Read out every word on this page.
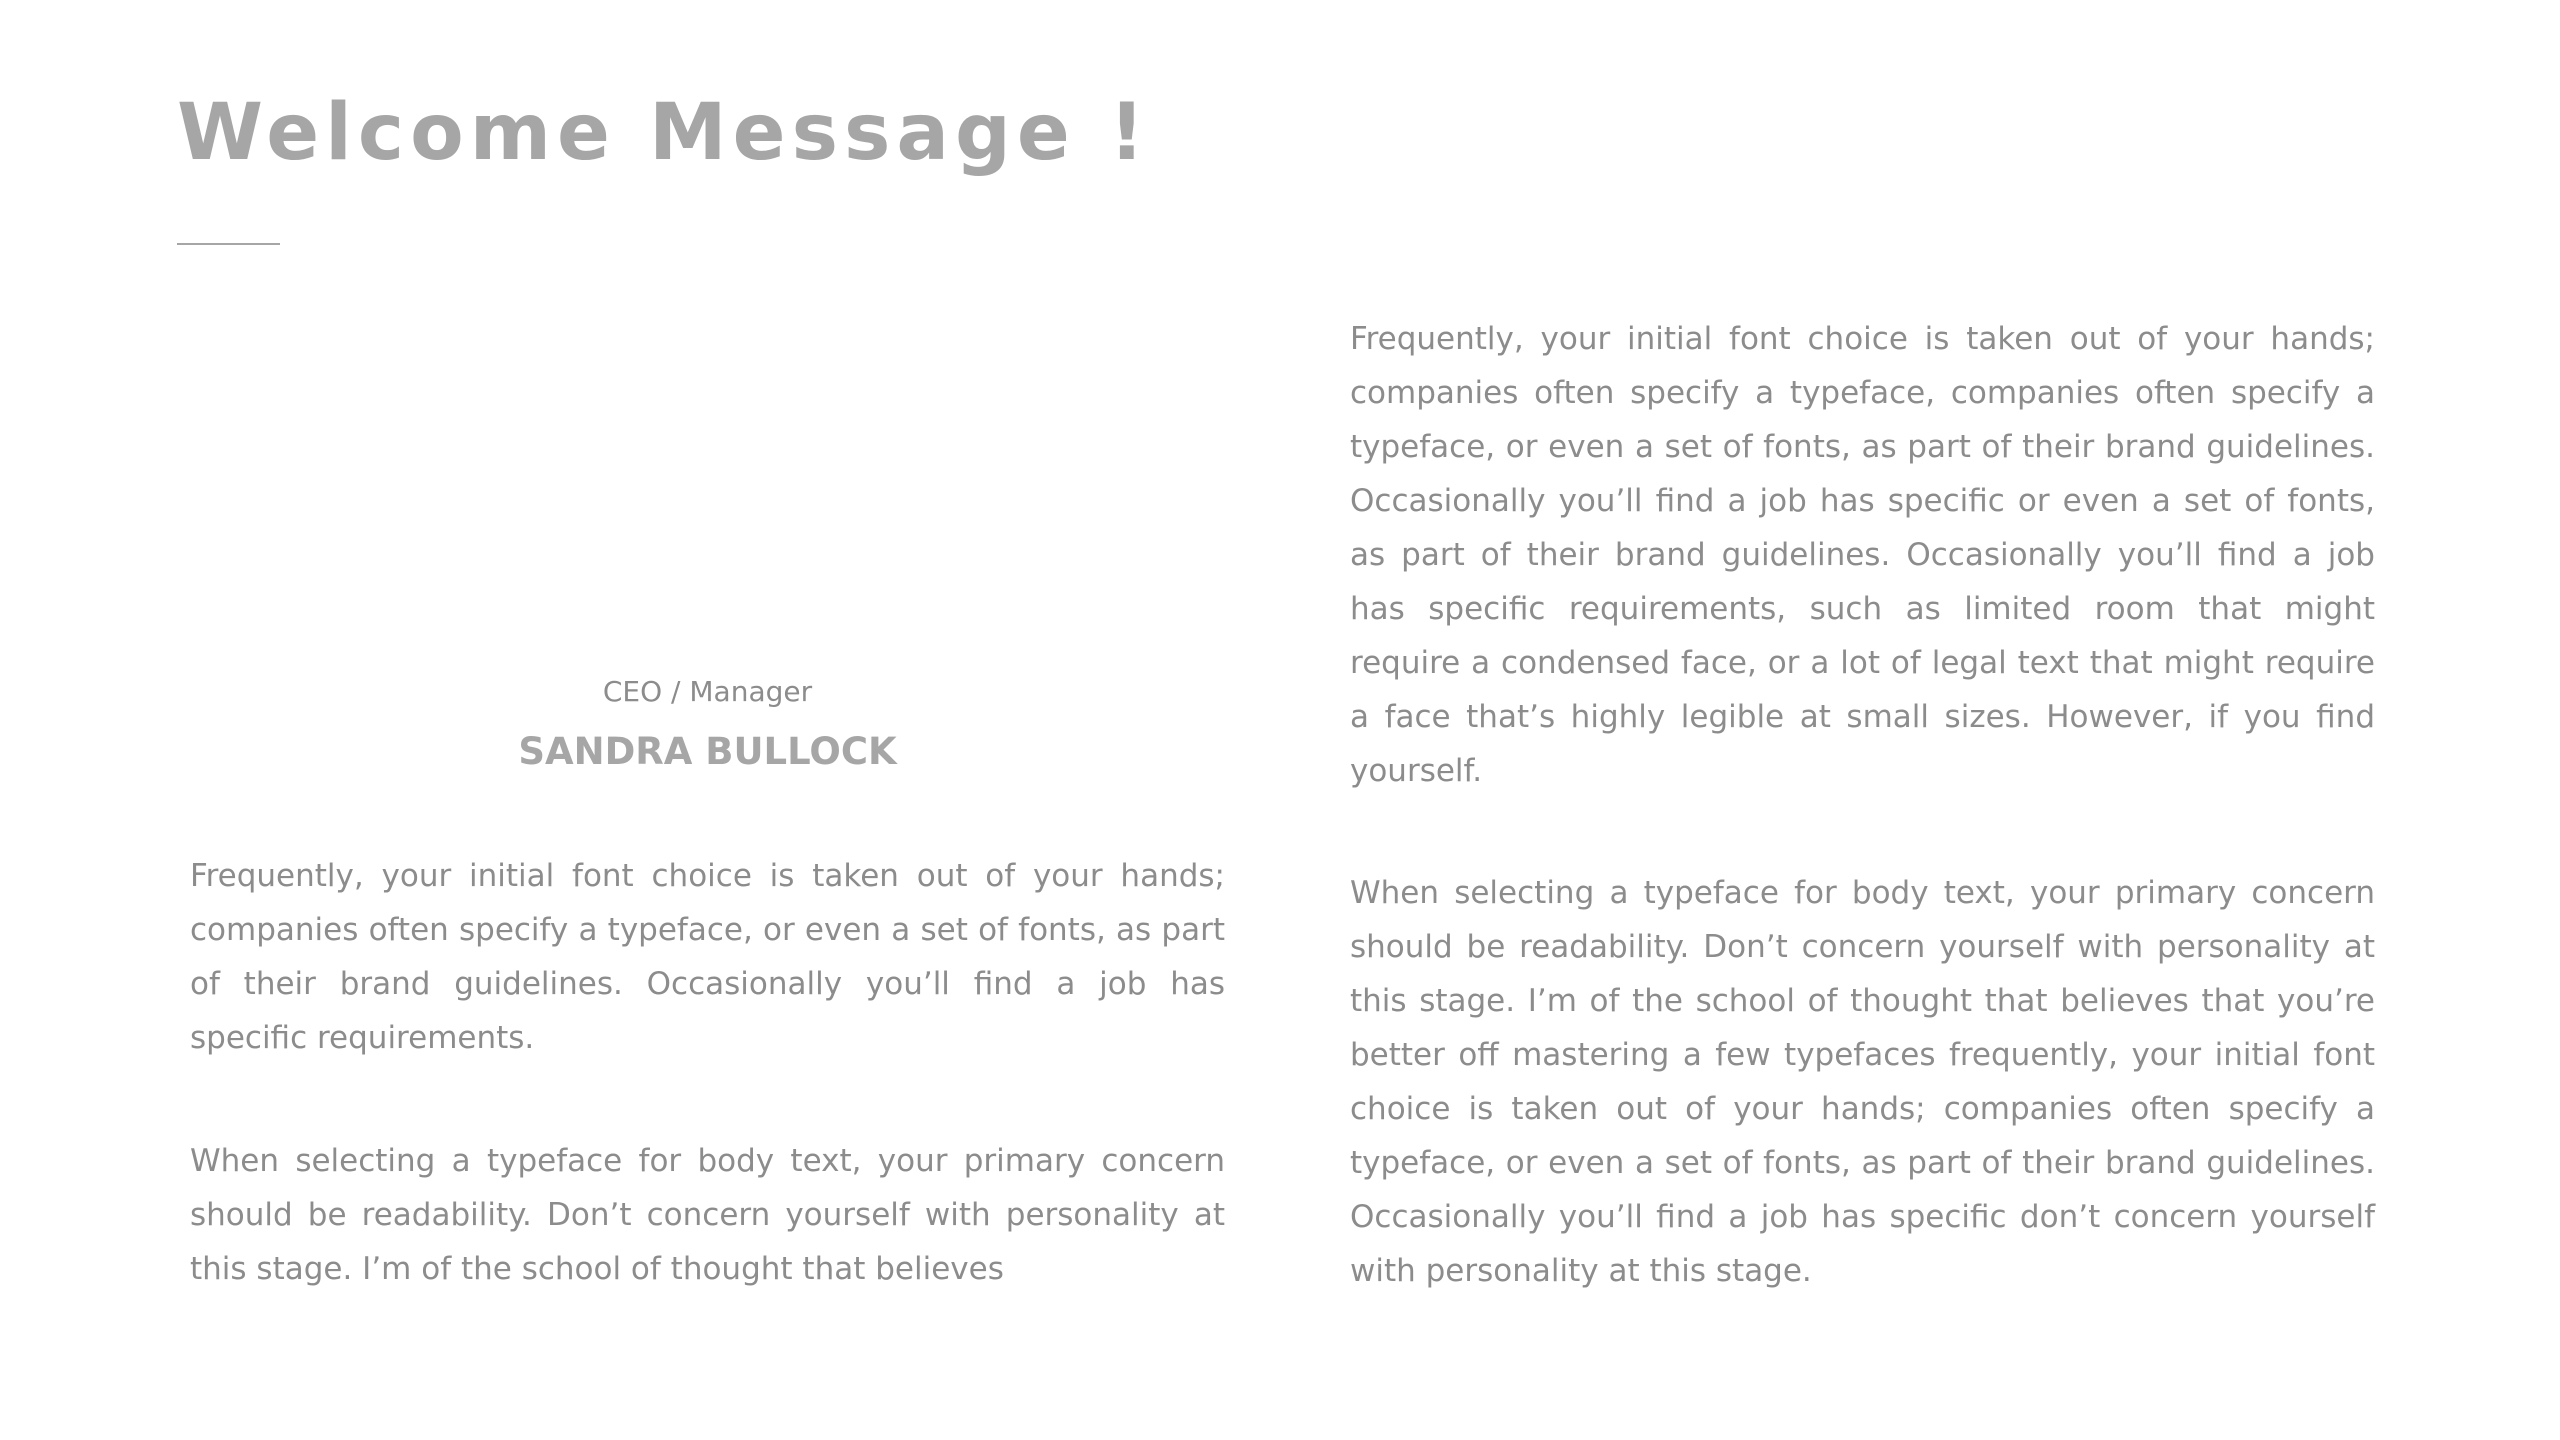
Welcome Message !
CEO / Manager
SANDRA BULLOCK

Frequently, your initial font choice is taken out of your hands; companies often specify a typeface, or even a set of fonts, as part of their brand guidelines. Occasionally you’ll find a job has specific requirements.

When selecting a typeface for body text, your primary concern should be readability. Don’t concern yourself with personality at this stage. I’m of the school of thought that believes

Frequently, your initial font choice is taken out of your hands; companies often specify a typeface, companies often specify a typeface, or even a set of fonts, as part of their brand guidelines. Occasionally you’ll find a job has specific or even a set of fonts, as part of their brand guidelines. Occasionally you’ll find a job has specific requirements, such as limited room that might require a condensed face, or a lot of legal text that might require a face that’s highly legible at small sizes. However, if you find yourself.

When selecting a typeface for body text, your primary concern should be readability. Don’t concern yourself with personality at this stage. I’m of the school of thought that believes that you’re better off mastering a few typefaces frequently, your initial font choice is taken out of your hands; companies often specify a typeface, or even a set of fonts, as part of their brand guidelines. Occasionally you’ll find a job has specific don’t concern yourself with personality at this stage.
